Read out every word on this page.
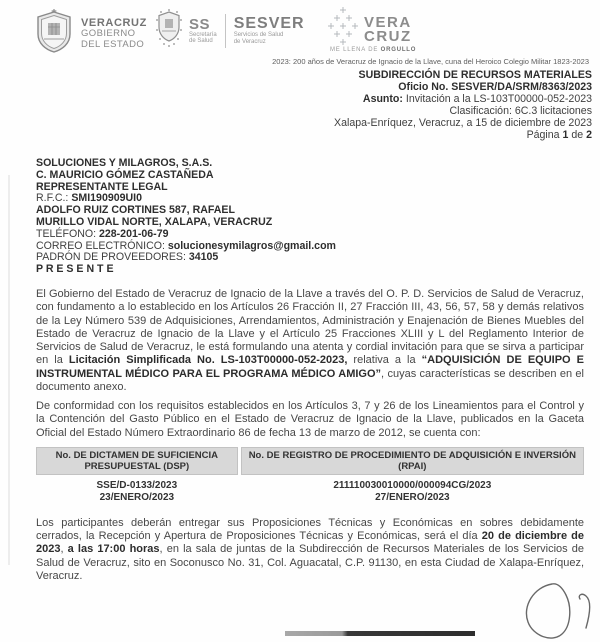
VERACRUZ
GOBIERNO
DEL ESTADO
SS
Secretaría
de Salud
SESVER
Servicios de Salud
de Veracruz
VERA
CRUZ
ME LLENA DE ORGULLO
2023: 200 años de Veracruz de Ignacio de la Llave, cuna del Heroico Colegio Militar 1823-2023
SUBDIRECCIÓN DE RECURSOS MATERIALES
Oficio No. SESVER/DA/SRM/8363/2023
Asunto: Invitación a la LS-103T00000-052-2023
Clasificación: 6C.3 licitaciones
Xalapa-Enríquez, Veracruz, a 15 de diciembre de 2023
Página 1 de 2
SOLUCIONES Y MILAGROS, S.A.S.
C. MAURICIO GÓMEZ CASTAÑEDA
REPRESENTANTE LEGAL
R.F.C.: SMI190909UI0
ADOLFO RUIZ CORTINES 587, RAFAEL
MURILLO VIDAL NORTE, XALAPA, VERACRUZ
TELÉFONO: 228-201-06-79
CORREO ELECTRÓNICO: solucionesymilagros@gmail.com
PADRÓN DE PROVEEDORES: 34105
P R E S E N T E

El Gobierno del Estado de Veracruz de Ignacio de la Llave a través del O. P. D. Servicios de Salud de Veracruz, con fundamento a lo establecido en los Artículos 26 Fracción II, 27 Fracción III, 43, 56, 57, 58 y demás relativos de la Ley Número 539 de Adquisiciones, Arrendamientos, Administración y Enajenación de Bienes Muebles del Estado de Veracruz de Ignacio de la Llave y el Artículo 25 Fracciones XLIII y L del Reglamento Interior de Servicios de Salud de Veracruz, le está formulando una atenta y cordial invitación para que se sirva a participar en la Licitación Simplificada No. LS-103T00000-052-2023, relativa a la “ADQUISICIÓN DE EQUIPO E INSTRUMENTAL MÉDICO PARA EL PROGRAMA MÉDICO AMIGO”, cuyas características se describen en el documento anexo.

De conformidad con los requisitos establecidos en los Artículos 3, 7 y 26 de los Lineamientos para el Control y la Contención del Gasto Público en el Estado de Veracruz de Ignacio de la Llave, publicados en la Gaceta Oficial del Estado Número Extraordinario 86 de fecha 13 de marzo de 2012, se cuenta con:

No. DE DICTAMEN DE SUFICIENCIA PRESUPUESTAL (DSP)
No. DE REGISTRO DE PROCEDIMIENTO DE ADQUISICIÓN E INVERSIÓN (RPAI)
SSE/D-0133/2023
23/ENERO/2023
211110030010000/000094CG/2023
27/ENERO/2023

Los participantes deberán entregar sus Proposiciones Técnicas y Económicas en sobres debidamente cerrados, la Recepción y Apertura de Proposiciones Técnicas y Económicas, será el día 20 de diciembre de 2023, a las 17:00 horas, en la sala de juntas de la Subdirección de Recursos Materiales de los Servicios de Salud de Veracruz, sito en Soconusco No. 31, Col. Aguacatal, C.P. 91130, en esta Ciudad de Xalapa-Enríquez, Veracruz.
